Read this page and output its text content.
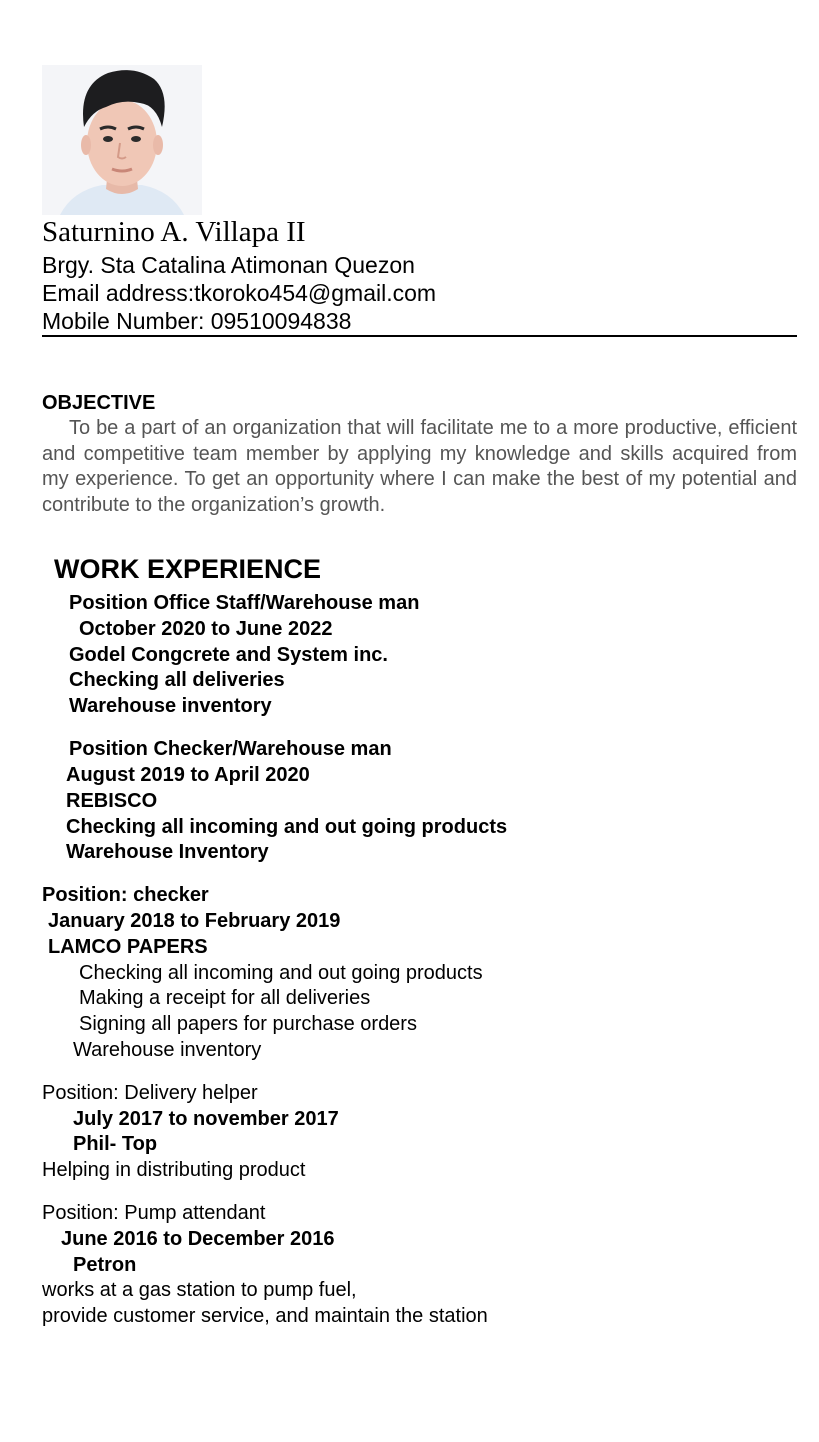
Saturnino A. Villapa II
Brgy. Sta Catalina Atimonan Quezon
Email address:tkoroko454@gmail.com
Mobile Number: 09510094838
OBJECTIVE
To be a part of an organization that will facilitate me to a more productive, efficient and competitive team member by applying my knowledge and skills acquired from my experience. To get an opportunity where I can make the best of my potential and contribute to the organization’s growth.
WORK EXPERIENCE
Position Office Staff/Warehouse man
October 2020 to June 2022
Godel Congcrete and System inc.
Checking all deliveries
Warehouse inventory
Position Checker/Warehouse man
August 2019 to April 2020
REBISCO
Checking all incoming and out going products
Warehouse Inventory
Position: checker
January 2018 to February 2019
LAMCO PAPERS
Checking all incoming and out going products
Making a receipt for all deliveries
Signing all papers for purchase orders
Warehouse inventory
Position: Delivery helper
July 2017 to november 2017
Phil- Top
Helping in distributing product
Position: Pump attendant
June 2016 to December 2016
Petron
works at a gas station to pump fuel,
provide customer service, and maintain the station
